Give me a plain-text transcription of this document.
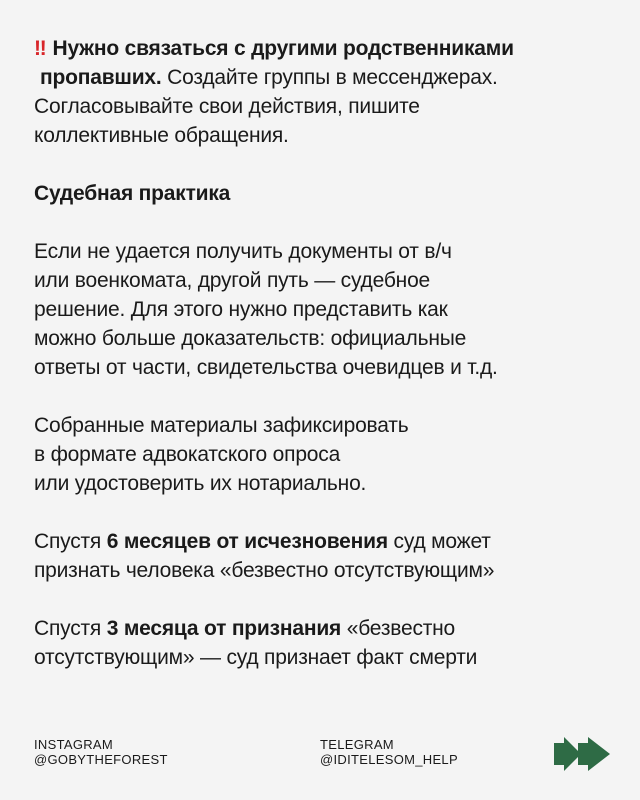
‼ Нужно связаться с другими родственниками
пропавших. Создайте группы в мессенджерах.
Согласовывайте свои действия, пишите
коллективные обращения.

Судебная практика

Если не удается получить документы от в/ч
или военкомата, другой путь — судебное
решение. Для этого нужно представить как
можно больше доказательств: официальные
ответы от части, свидетельства очевидцев и т.д.

Собранные материалы зафиксировать
в формате адвокатского опроса
или удостоверить их нотариально.

Спустя 6 месяцев от исчезновения суд может
признать человека «безвестно отсутствующим»

Спустя 3 месяца от признания «безвестно
отсутствующим» — суд признает факт смерти

INSTAGRAM
@GOBYTHEFOREST
TELEGRAM
@IDITELESOM_HELP
